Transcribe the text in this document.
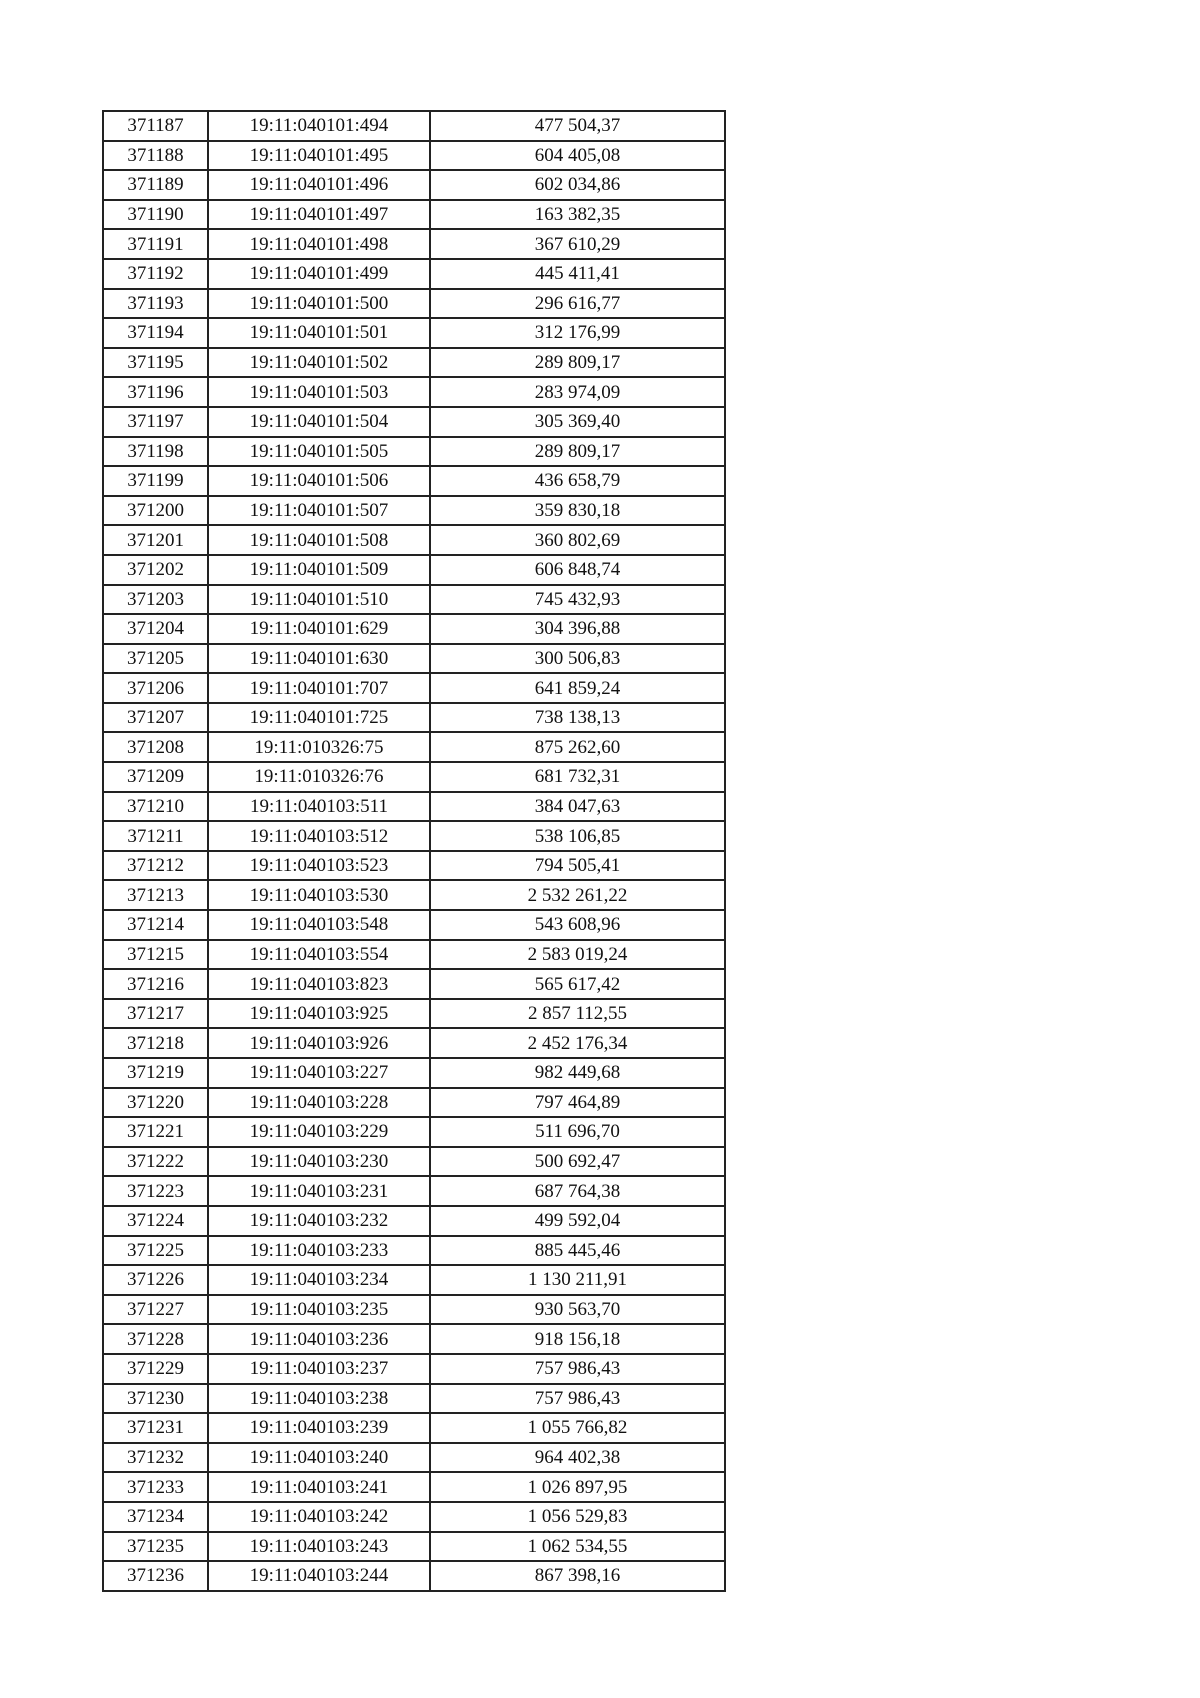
371187	19:11:040101:494	477 504,37
371188	19:11:040101:495	604 405,08
371189	19:11:040101:496	602 034,86
371190	19:11:040101:497	163 382,35
371191	19:11:040101:498	367 610,29
371192	19:11:040101:499	445 411,41
371193	19:11:040101:500	296 616,77
371194	19:11:040101:501	312 176,99
371195	19:11:040101:502	289 809,17
371196	19:11:040101:503	283 974,09
371197	19:11:040101:504	305 369,40
371198	19:11:040101:505	289 809,17
371199	19:11:040101:506	436 658,79
371200	19:11:040101:507	359 830,18
371201	19:11:040101:508	360 802,69
371202	19:11:040101:509	606 848,74
371203	19:11:040101:510	745 432,93
371204	19:11:040101:629	304 396,88
371205	19:11:040101:630	300 506,83
371206	19:11:040101:707	641 859,24
371207	19:11:040101:725	738 138,13
371208	19:11:010326:75	875 262,60
371209	19:11:010326:76	681 732,31
371210	19:11:040103:511	384 047,63
371211	19:11:040103:512	538 106,85
371212	19:11:040103:523	794 505,41
371213	19:11:040103:530	2 532 261,22
371214	19:11:040103:548	543 608,96
371215	19:11:040103:554	2 583 019,24
371216	19:11:040103:823	565 617,42
371217	19:11:040103:925	2 857 112,55
371218	19:11:040103:926	2 452 176,34
371219	19:11:040103:227	982 449,68
371220	19:11:040103:228	797 464,89
371221	19:11:040103:229	511 696,70
371222	19:11:040103:230	500 692,47
371223	19:11:040103:231	687 764,38
371224	19:11:040103:232	499 592,04
371225	19:11:040103:233	885 445,46
371226	19:11:040103:234	1 130 211,91
371227	19:11:040103:235	930 563,70
371228	19:11:040103:236	918 156,18
371229	19:11:040103:237	757 986,43
371230	19:11:040103:238	757 986,43
371231	19:11:040103:239	1 055 766,82
371232	19:11:040103:240	964 402,38
371233	19:11:040103:241	1 026 897,95
371234	19:11:040103:242	1 056 529,83
371235	19:11:040103:243	1 062 534,55
371236	19:11:040103:244	867 398,16
